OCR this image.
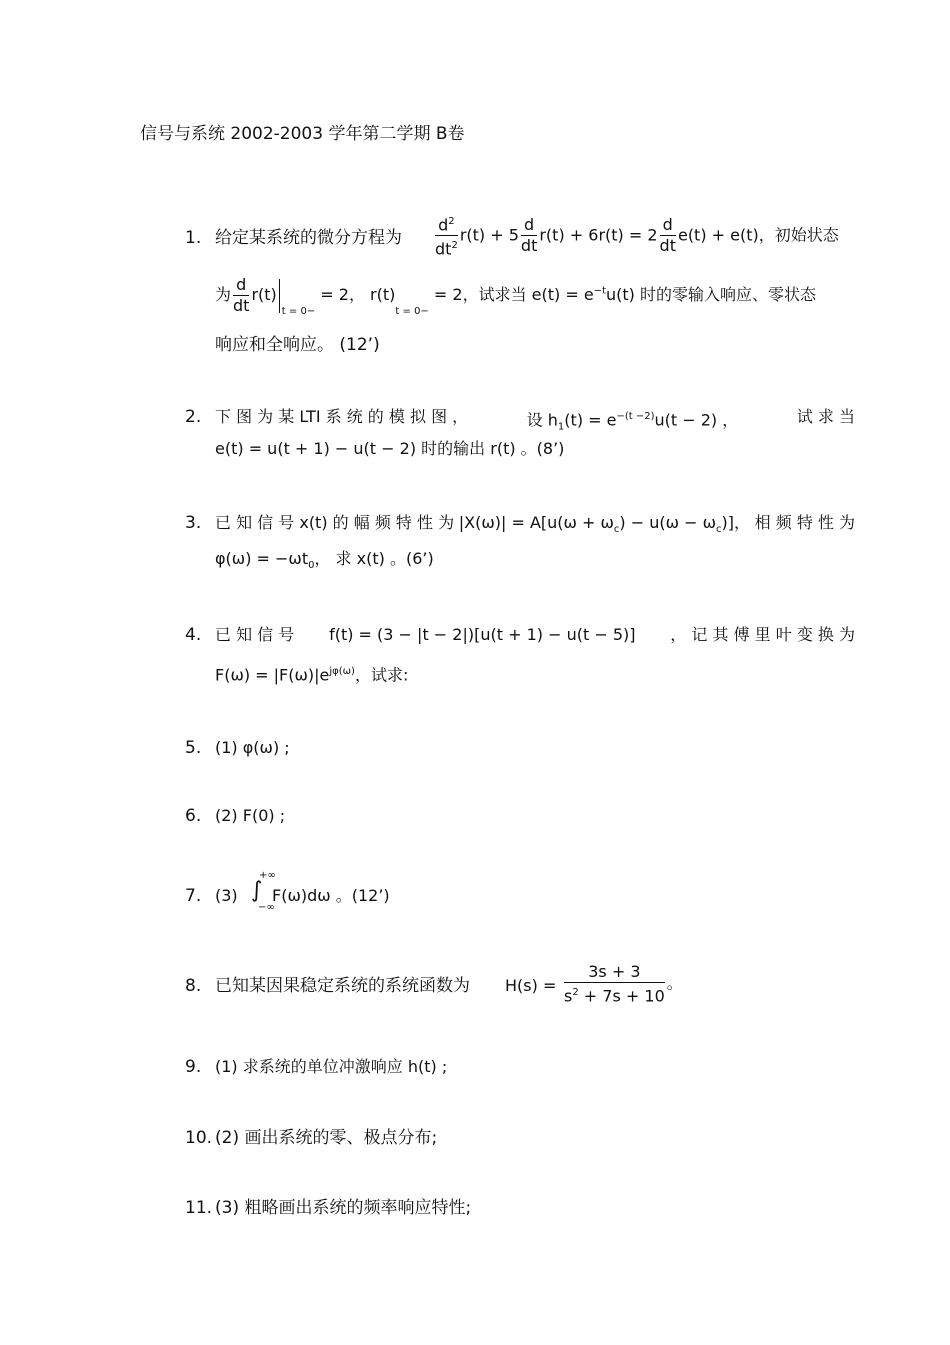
信号与系统 2002-2003 学年第二学期 B卷
1. 给定某系统的微分方程为 $\frac{d^2}{dt^2} r(t) + 5 \frac{d}{dt} r(t) + 6r(t) = 2 \frac{d}{dt} e(t) + e(t)$，初始状态
为 $\frac{d}{dt} r(t)_{t = 0-} = 2$， $r(t)_{t = 0-} = 2$，试求当 $e(t) = e^{-t}u(t)$ 时的零输入响应、零状态
响应和全响应。 (12’)
2. 下 图 为 某 LTI 系 统 的 模 拟 图 ，	设 $h_1(t) = e^{-(t -2)}u(t - 2)$ ，	试 求 当
e(t) = u(t + 1) − u(t − 2) 时的输出 r(t) 。(8’)
3. 已 知 信 号 x(t) 的 幅 频 特 性 为 $|X(\omega)| = A[u(\omega + \omega_c) - u(\omega - \omega_c)]$， 相 频 特 性 为
$\varphi(\omega) = -\omega t_0$， 求 x(t) 。(6’)
4. 已 知 信 号 f(t) = (3 − |t − 2|)[u(t + 1) − u(t − 5)] ， 记 其 傅 里 叶 变 换 为
$F(\omega) = |F(\omega)|e^{j\varphi(\omega)}$，试求:
5. (1) φ(ω) ;
6. (2) F(0) ;
7. (3) ∫
+∞
−∞
F(ω)dω 。(12’)
8. 已知某因果稳定系统的系统函数为 $H(s) = \frac{3s + 3}{s^2 + 7s + 10}$ 。
9. (1) 求系统的单位冲激响应 h(t) ;
10. (2) 画出系统的零、极点分布;
11. (3) 粗略画出系统的频率响应特性;
